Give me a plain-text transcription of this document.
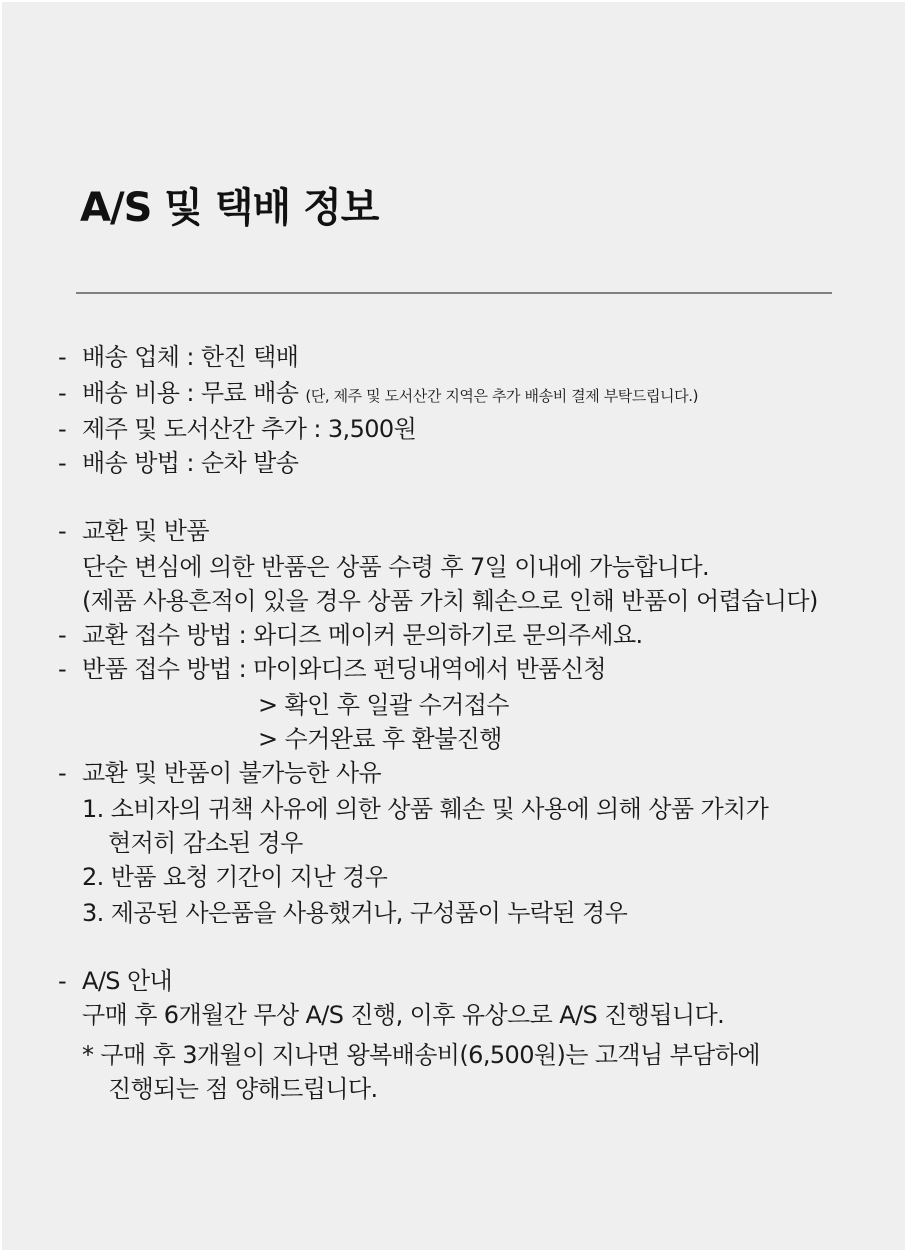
A/S 및 택배 정보
- 배송 업체 : 한진 택배
- 배송 비용 : 무료 배송 (단, 제주 및 도서산간 지역은 추가 배송비 결제 부탁드립니다.)
- 제주 및 도서산간 추가 : 3,500원
- 배송 방법 : 순차 발송
- 교환 및 반품
단순 변심에 의한 반품은 상품 수령 후 7일 이내에 가능합니다.
(제품 사용흔적이 있을 경우 상품 가치 훼손으로 인해 반품이 어렵습니다)
- 교환 접수 방법 : 와디즈 메이커 문의하기로 문의주세요.
- 반품 접수 방법 : 마이와디즈 펀딩내역에서 반품신청
> 확인 후 일괄 수거접수
> 수거완료 후 환불진행
- 교환 및 반품이 불가능한 사유
1. 소비자의 귀책 사유에 의한 상품 훼손 및 사용에 의해 상품 가치가
현저히 감소된 경우
2. 반품 요청 기간이 지난 경우
3. 제공된 사은품을 사용했거나, 구성품이 누락된 경우
- A/S 안내
구매 후 6개월간 무상 A/S 진행, 이후 유상으로 A/S 진행됩니다.
* 구매 후 3개월이 지나면 왕복배송비(6,500원)는 고객님 부담하에
진행되는 점 양해드립니다.
